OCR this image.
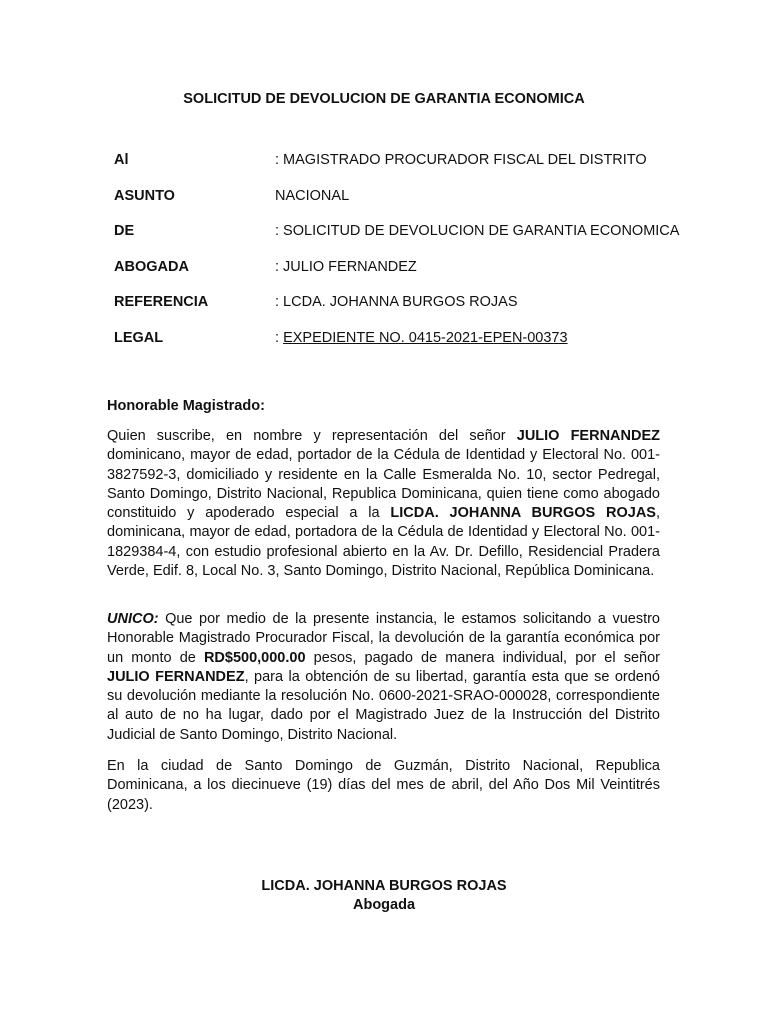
SOLICITUD DE DEVOLUCION DE GARANTIA ECONOMICA
Al	: MAGISTRADO PROCURADOR FISCAL DEL DISTRITO
ASUNTO	NACIONAL
DE	: SOLICITUD DE DEVOLUCION DE GARANTIA ECONOMICA
ABOGADA	: JULIO FERNANDEZ
REFERENCIA	: LCDA. JOHANNA BURGOS ROJAS
LEGAL	: EXPEDIENTE NO. 0415-2021-EPEN-00373
Honorable Magistrado:

Quien suscribe, en nombre y representación del señor JULIO FERNANDEZ dominicano, mayor de edad, portador de la Cédula de Identidad y Electoral No. 001-3827592-3, domiciliado y residente en la Calle Esmeralda No. 10, sector Pedregal, Santo Domingo, Distrito Nacional, Republica Dominicana, quien tiene como abogado constituido y apoderado especial a la LICDA. JOHANNA BURGOS ROJAS, dominicana, mayor de edad, portadora de la Cédula de Identidad y Electoral No. 001-1829384-4, con estudio profesional abierto en la Av. Dr. Defillo, Residencial Pradera Verde, Edif. 8, Local No. 3, Santo Domingo, Distrito Nacional, República Dominicana.

UNICO: Que por medio de la presente instancia, le estamos solicitando a vuestro Honorable Magistrado Procurador Fiscal, la devolución de la garantía económica por un monto de RD$500,000.00 pesos, pagado de manera individual, por el señor JULIO FERNANDEZ, para la obtención de su libertad, garantía esta que se ordenó su devolución mediante la resolución No. 0600-2021-SRAO-000028, correspondiente al auto de no ha lugar, dado por el Magistrado Juez de la Instrucción del Distrito Judicial de Santo Domingo, Distrito Nacional.

En la ciudad de Santo Domingo de Guzmán, Distrito Nacional, Republica Dominicana, a los diecinueve (19) días del mes de abril, del Año Dos Mil Veintitrés (2023).

LICDA. JOHANNA BURGOS ROJAS
Abogada
